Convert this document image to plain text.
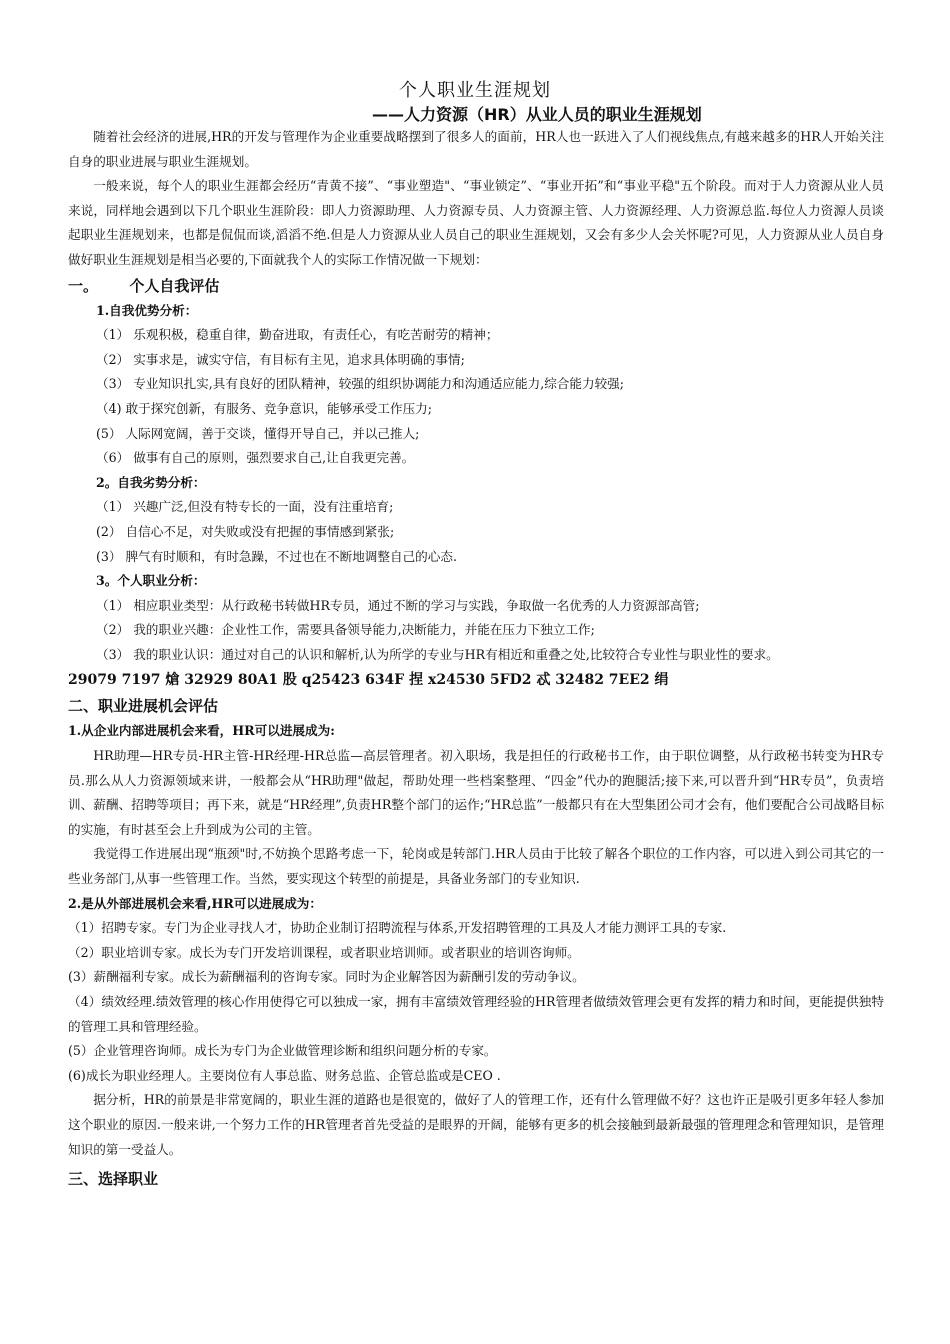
个人职业生涯规划
——人力资源（HR）从业人员的职业生涯规划

随着社会经济的进展,HR的开发与管理作为企业重要战略摆到了很多人的面前，HR人也一跃进入了人们视线焦点,有越来越多的HR人开始关注自身的职业进展与职业生涯规划。

一般来说，每个人的职业生涯都会经历“青黄不接”、“事业塑造"、“事业锁定”、“事业开拓”和“事业平稳"五个阶段。而对于人力资源从业人员来说，同样地会遇到以下几个职业生涯阶段：即人力资源助理、人力资源专员、人力资源主管、人力资源经理、人力资源总监.每位人力资源人员谈起职业生涯规划来，也都是侃侃而谈,滔滔不绝.但是人力资源从业人员自己的职业生涯规划，又会有多少人会关怀呢?可见，人力资源从业人员自身做好职业生涯规划是相当必要的,下面就我个人的实际工作情况做一下规划：

一。      个人自我评估

1.自我优势分析：

（1） 乐观积极，稳重自律，勤奋进取，有责任心，有吃苦耐劳的精神；

（2） 实事求是，诚实守信，有目标有主见，追求具体明确的事情;

（3） 专业知识扎实,具有良好的团队精神，较强的组织协调能力和沟通适应能力,综合能力较强;

（4) 敢于探究创新，有服务、竞争意识，能够承受工作压力;

(5） 人际网宽阔，善于交谈，懂得开导自己，并以己推人;

（6） 做事有自己的原则，强烈要求自己,让自我更完善。

2。自我劣势分析：

（1） 兴趣广泛,但没有特专长的一面，没有注重培育;

(2） 自信心不足，对失败或没有把握的事情感到紧张;

(3） 脾气有时顺和，有时急躁，不过也在不断地调整自己的心态.

3。个人职业分析：

（1） 相应职业类型：从行政秘书转做HR专员，通过不断的学习与实践，争取做一名优秀的人力资源部高管;

（2） 我的职业兴趣：企业性工作，需要具备领导能力,决断能力，并能在压力下独立工作;

（3） 我的职业认识：通过对自己的认识和解析,认为所学的专业与HR有相近和重叠之处,比较符合专业性与职业性的要求。

29079 7197 熗 32929 80A1 股 q25423 634F 捏 x24530 5FD2 忒 32482 7EE2 绢

二、职业进展机会评估

1.从企业内部进展机会来看，HR可以进展成为:

HR助理—HR专员-HR主管-HR经理-HR总监—高层管理者。初入职场，我是担任的行政秘书工作，由于职位调整，从行政秘书转变为HR专员.那么从人力资源领域来讲，一般都会从“HR助理"做起，帮助处理一些档案整理、“四金”代办的跑腿活;接下来,可以晋升到“HR专员”，负责培训、薪酬、招聘等项目；再下来，就是“HR经理”,负责HR整个部门的运作;“HR总监”一般都只有在大型集团公司才会有，他们要配合公司战略目标的实施，有时甚至会上升到成为公司的主管。

我觉得工作进展出现“瓶颈"时,不妨换个思路考虑一下，轮岗或是转部门.HR人员由于比较了解各个职位的工作内容，可以进入到公司其它的一些业务部门,从事一些管理工作。当然，要实现这个转型的前提是，具备业务部门的专业知识.

2.是从外部进展机会来看,HR可以进展成为：

（1）招聘专家。专门为企业寻找人才，协助企业制订招聘流程与体系,开发招聘管理的工具及人才能力测评工具的专家.

（2）职业培训专家。成长为专门开发培训课程，或者职业培训师。或者职业的培训咨询师。

(3）薪酬福利专家。成长为薪酬福利的咨询专家。同时为企业解答因为薪酬引发的劳动争议。

（4）绩效经理.绩效管理的核心作用使得它可以独成一家，拥有丰富绩效管理经验的HR管理者做绩效管理会更有发挥的精力和时间，更能提供独特的管理工具和管理经验。

(5）企业管理咨询师。成长为专门为企业做管理诊断和组织问题分析的专家。

(6)成长为职业经理人。主要岗位有人事总监、财务总监、企管总监或是CEO .

据分析，HR的前景是非常宽阔的，职业生涯的道路也是很宽的，做好了人的管理工作，还有什么管理做不好？这也许正是吸引更多年轻人参加这个职业的原因.一般来讲,一个努力工作的HR管理者首先受益的是眼界的开阔，能够有更多的机会接触到最新最强的管理理念和管理知识，是管理知识的第一受益人。

三、选择职业
